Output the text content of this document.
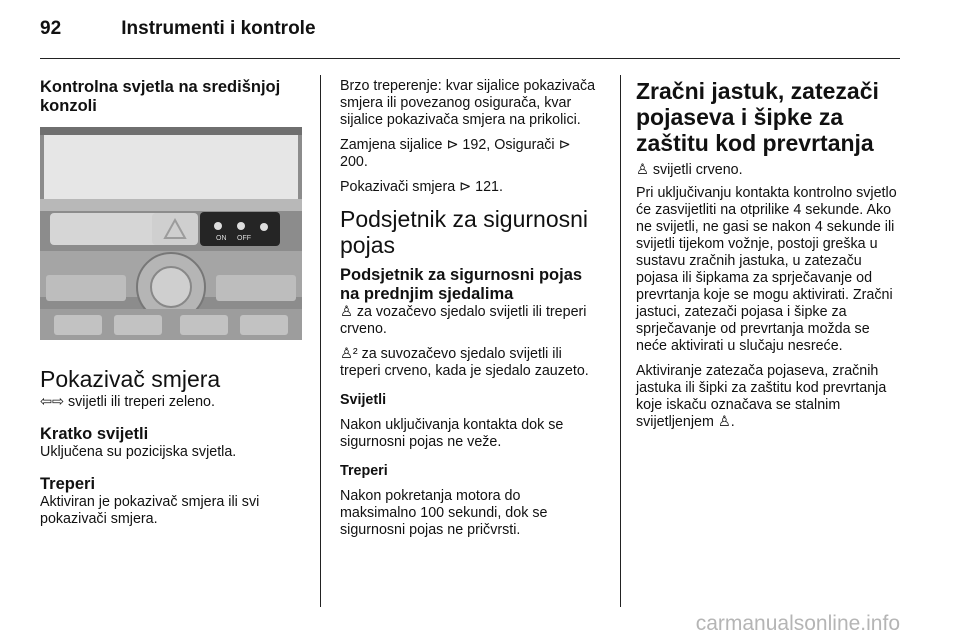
92	Instrumenti i kontrole
Kontrolna svjetla na središnjoj konzoli
ON OFF
Pokazivač smjera

⇦⇨ svijetli ili treperi zeleno.

Kratko svijetli

Uključena su pozicijska svjetla.

Treperi

Aktiviran je pokazivač smjera ili svi pokazivači smjera.

Brzo treperenje: kvar sijalice pokazivača smjera ili povezanog osigurača, kvar sijalice pokazivača smjera na prikolici.

Zamjena sijalice ⊳ 192, Osigurači ⊳ 200.

Pokazivači smjera ⊳ 121.

Podsjetnik za sigurnosni pojas
Podsjetnik za sigurnosni pojas na prednjim sjedalima

♙ za vozačevo sjedalo svijetli ili treperi crveno.

♙² za suvozačevo sjedalo svijetli ili treperi crveno, kada je sjedalo zauzeto.

Svijetli

Nakon uključivanja kontakta dok se sigurnosni pojas ne veže.

Treperi

Nakon pokretanja motora do maksimalno 100 sekundi, dok se sigurnosni pojas ne pričvrsti.

Zračni jastuk, zatezači pojaseva i šipke za zaštitu kod prevrtanja

♙ svijetli crveno.

Pri uključivanju kontakta kontrolno svjetlo će zasvijetliti na otprilike 4 sekunde. Ako ne svijetli, ne gasi se nakon 4 sekunde ili svijetli tijekom vožnje, postoji greška u sustavu zračnih jastuka, u zatezaču pojasa ili šipkama za sprječavanje od prevrtanja koje se mogu aktivirati. Zračni jastuci, zatezači pojasa i šipke za sprječavanje od prevrtanja možda se neće aktivirati u slučaju nesreće.

Aktiviranje zatezača pojaseva, zračnih jastuka ili šipki za zaštitu kod prevrtanja koje iskaču označava se stalnim svijetljenjem ♙.

carmanualsonline.info
